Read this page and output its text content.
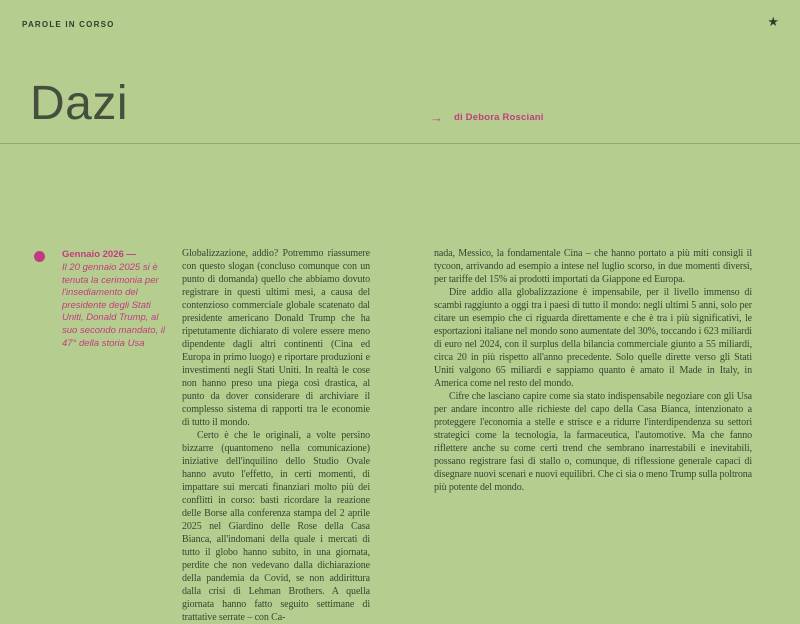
PAROLE IN CORSO	★
Dazi	→ di Debora Rosciani
Gennaio 2026 —
Il 20 gennaio 2025 si è tenuta la cerimonia per l'insediamento del presidente degli Stati Uniti, Donald Trump, al suo secondo mandato, il 47° della storia Usa

Globalizzazione, addio? Potremmo riassumere con questo slogan (concluso comunque con un punto di domanda) quello che abbiamo dovuto registrare in questi ultimi mesi, a causa del contenzioso commerciale globale scatenato dal presidente americano Donald Trump che ha ripetutamente dichiarato di volere essere meno dipendente dagli altri continenti (Cina ed Europa in primo luogo) e riportare produzioni e investimenti negli Stati Uniti. In realtà le cose non hanno preso una piega così drastica, al punto da dover considerare di archiviare il complesso sistema di rapporti tra le economie di tutto il mondo.

Certo è che le originali, a volte persino bizzarre (quantomeno nella comunicazione) iniziative dell'inquilino dello Studio Ovale hanno avuto l'effetto, in certi momenti, di impattare sui mercati finanziari molto più dei conflitti in corso: basti ricordare la reazione delle Borse alla conferenza stampa del 2 aprile 2025 nel Giardino delle Rose della Casa Bianca, all'indomani della quale i mercati di tutto il globo hanno subito, in una giornata, perdite che non vedevano dalla dichiarazione della pandemia da Covid, se non addirittura dalla crisi di Lehman Brothers. A quella giornata hanno fatto seguito settimane di trattative serrate – con Ca-

nada, Messico, la fondamentale Cina – che hanno portato a più miti consigli il tycoon, arrivando ad esempio a intese nel luglio scorso, in due momenti diversi, per tariffe del 15% ai prodotti importati da Giappone ed Europa.

Dire addio alla globalizzazione è impensabile, per il livello immenso di scambi raggiunto a oggi tra i paesi di tutto il mondo: negli ultimi 5 anni, solo per citare un esempio che ci riguarda direttamente e che è tra i più significativi, le esportazioni italiane nel mondo sono aumentate del 30%, toccando i 623 miliardi di euro nel 2024, con il surplus della bilancia commerciale giunto a 55 miliardi, circa 20 in più rispetto all'anno precedente. Solo quelle dirette verso gli Stati Uniti valgono 65 miliardi e sappiamo quanto è amato il Made in Italy, in America come nel resto del mondo.

Cifre che lasciano capire come sia stato indispensabile negoziare con gli Usa per andare incontro alle richieste del capo della Casa Bianca, intenzionato a proteggere l'economia a stelle e strisce e a ridurre l'interdipendenza su settori strategici come la tecnologia, la farmaceutica, l'automotive. Ma che fanno riflettere anche su come certi trend che sembrano inarrestabili e inevitabili, possano registrare fasi di stallo o, comunque, di riflessione generale capaci di disegnare nuovi scenari e nuovi equilibri. Che ci sia o meno Trump sulla poltrona più potente del mondo.
